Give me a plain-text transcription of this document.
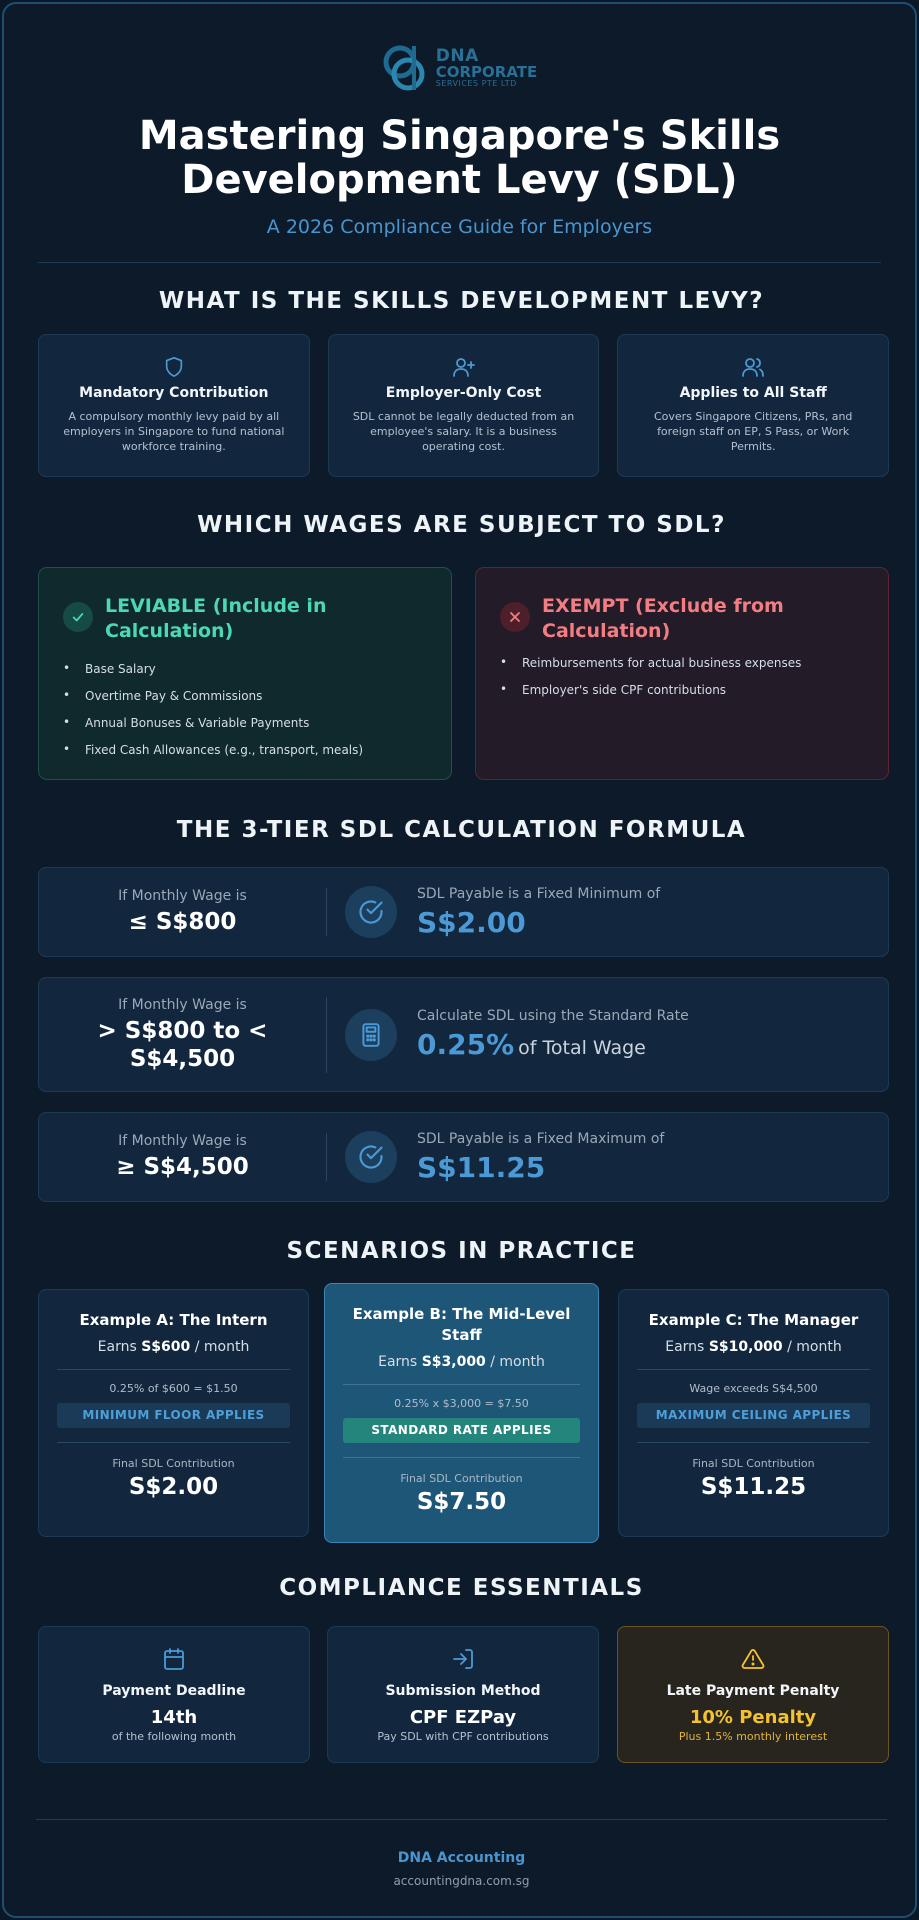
DNA
CORPORATE
SERVICES PTE LTD
Mastering Singapore's Skills Development Levy (SDL)
A 2026 Compliance Guide for Employers
WHAT IS THE SKILLS DEVELOPMENT LEVY?
Mandatory Contribution

A compulsory monthly levy paid by all employers in Singapore to fund national workforce training.

Employer-Only Cost

SDL cannot be legally deducted from an employee's salary. It is a business operating cost.

Applies to All Staff

Covers Singapore Citizens, PRs, and foreign staff on EP, S Pass, or Work Permits.

WHICH WAGES ARE SUBJECT TO SDL?
LEVIABLE (Include in Calculation)
• Base Salary
• Overtime Pay & Commissions
• Annual Bonuses & Variable Payments
• Fixed Cash Allowances (e.g., transport, meals)
EXEMPT (Exclude from Calculation)
• Reimbursements for actual business expenses
• Employer's side CPF contributions
THE 3-TIER SDL CALCULATION FORMULA
If Monthly Wage is
≤ S$800
SDL Payable is a Fixed Minimum of
S$2.00
If Monthly Wage is
> S$800 to < S$4,500
Calculate SDL using the Standard Rate
0.25% of Total Wage
If Monthly Wage is
≥ S$4,500
SDL Payable is a Fixed Maximum of
S$11.25
SCENARIOS IN PRACTICE
Example A: The Intern
Earns S$600 / month
0.25% of $600 = $1.50
MINIMUM FLOOR APPLIES
Final SDL Contribution
S$2.00
Example B: The Mid-Level Staff
Earns S$3,000 / month
0.25% x $3,000 = $7.50
STANDARD RATE APPLIES
Final SDL Contribution
S$7.50
Example C: The Manager
Earns S$10,000 / month
Wage exceeds S$4,500
MAXIMUM CEILING APPLIES
Final SDL Contribution
S$11.25
COMPLIANCE ESSENTIALS
Payment Deadline
14th
of the following month
Submission Method
CPF EZPay
Pay SDL with CPF contributions
Late Payment Penalty
10% Penalty
Plus 1.5% monthly interest
DNA Accounting
accountingdna.com.sg
